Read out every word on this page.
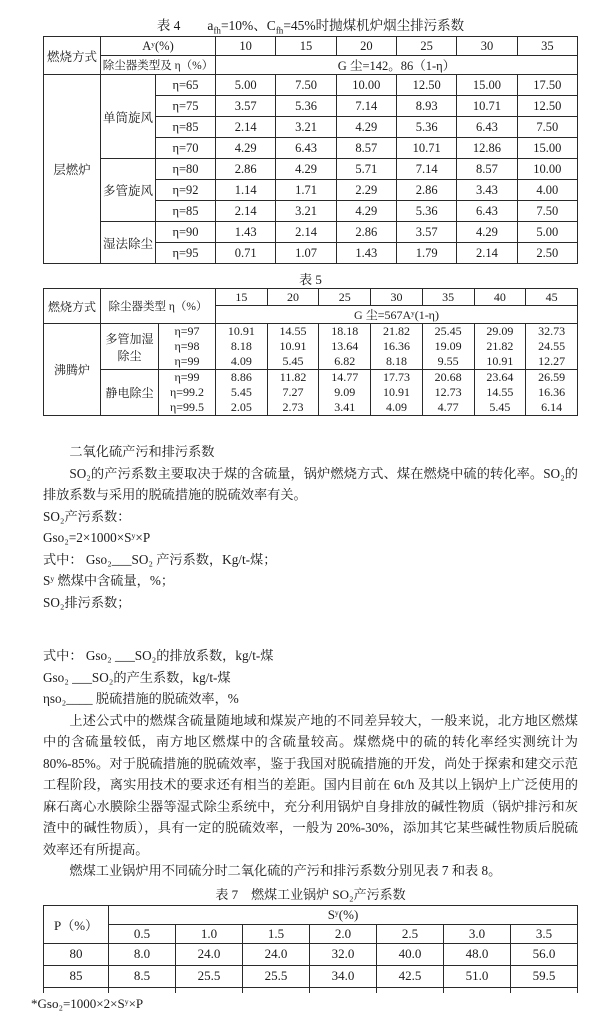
表 4　　$a_{fh}=10\%$、$C_{fh}=45\%$时抛煤机炉烟尘排污系数
燃烧方式	Aʸ(%)		10	15	20	25	30	35
	除尘器类型及 η（%）		G 尘=142。86（1-η）					
层燃炉	单筒旋风	η=65	5.00	7.50	10.00	12.50	15.00	17.50
		η=75	3.57	5.36	7.14	8.93	10.71	12.50
		η=85	2.14	3.21	4.29	5.36	6.43	7.50
		η=70	4.29	6.43	8.57	10.71	12.86	15.00
	多管旋风	η=80	2.86	4.29	5.71	7.14	8.57	10.00
		η=92	1.14	1.71	2.29	2.86	3.43	4.00
		η=85	2.14	3.21	4.29	5.36	6.43	7.50
	湿法除尘	η=90	1.43	2.14	2.86	3.57	4.29	5.00
		η=95	0.71	1.07	1.43	1.79	2.14	2.50
表 5
燃烧方式	除尘器类型 η（%）		15	20	25	30	35	40	45
			G 尘=567Aʸ(1-η)						
沸腾炉	多管加湿除尘	η=97	10.91	14.55	18.18	21.82	25.45	29.09	32.73
		η=98	8.18	10.91	13.64	16.36	19.09	21.82	24.55
		η=99	4.09	5.45	6.82	8.18	9.55	10.91	12.27
	静电除尘	η=99	8.86	11.82	14.77	17.73	20.68	23.64	26.59
		η=99.2	5.45	7.27	9.09	10.91	12.73	14.55	16.36
		η=99.5	2.05	2.73	3.41	4.09	4.77	5.45	6.14

二氧化硫产污和排污系数

SO₂的产污系数主要取决于煤的含硫量，锅炉燃烧方式、煤在燃烧中硫的转化率。SO₂的排放系数与采用的脱硫措施的脱硫效率有关。

SO₂产污系数：

Gso₂=2×1000×Sʸ×P

式中： Gso₂___SO₂ 产污系数，Kg/t-煤；

Sʸ 燃煤中含硫量，%；

SO₂排污系数；

式中： Gso₂ ___SO₂的排放系数，kg/t-煤

Gso₂ ___SO₂的产生系数，kg/t-煤

ηso₂____ 脱硫措施的脱硫效率，%

上述公式中的燃煤含硫量随地域和煤炭产地的不同差异较大，一般来说，北方地区燃煤中的含硫量较低，南方地区燃煤中的含硫量较高。煤燃烧中的硫的转化率经实测统计为 80%-85%。对于脱硫措施的脱硫效率，鉴于我国对脱硫措施的开发，尚处于探索和建交示范工程阶段，离实用技术的要求还有相当的差距。国内目前在 6t/h 及其以上锅炉上广泛使用的麻石离心水膜除尘器等湿式除尘系统中，充分利用锅炉自身排放的碱性物质（锅炉排污和灰渣中的碱性物质），具有一定的脱硫效率，一般为 20%-30%，添加其它某些碱性物质后脱硫效率还有所提高。

燃煤工业锅炉用不同硫分时二氧化硫的产污和排污系数分别见表 7 和表 8。

表 7　燃煤工业锅炉 SO₂产污系数
P（%）	Sʸ(%)						
	0.5	1.0	1.5	2.0	2.5	3.0	3.5
80	8.0	24.0	24.0	32.0	40.0	48.0	56.0
85	8.5	25.5	25.5	34.0	42.5	51.0	59.5

*Gso₂=1000×2×Sʸ×P
